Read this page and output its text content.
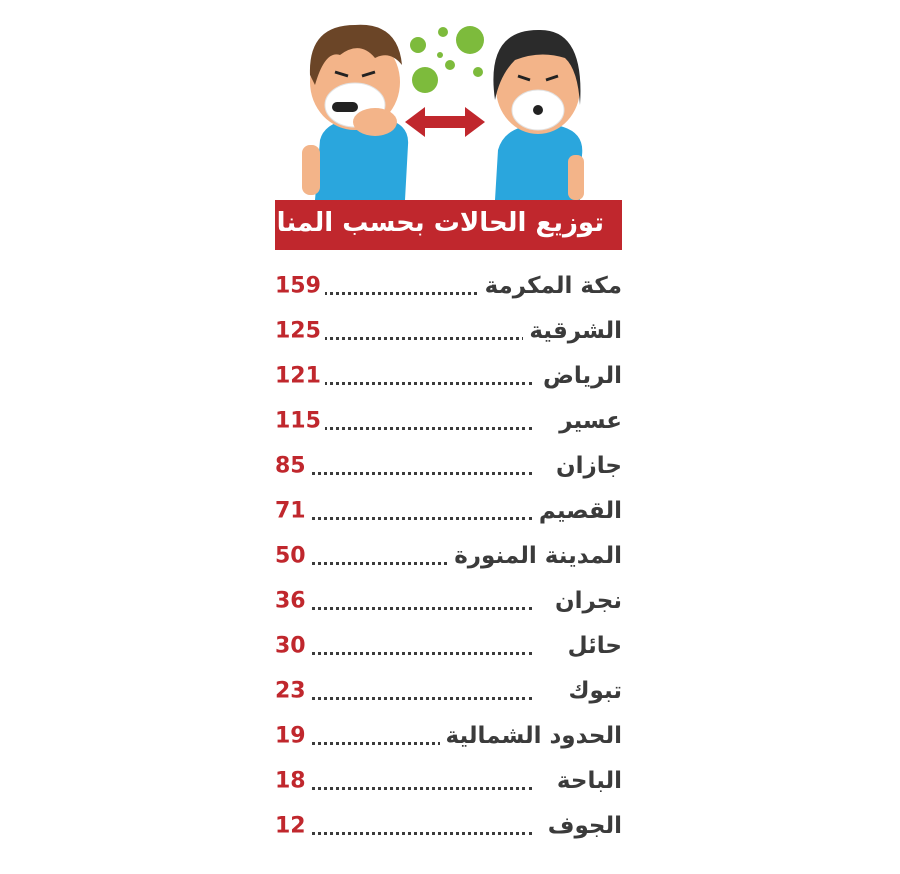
توزيع الحالات بحسب المناطق
159	مكة المكرمة
125	الشرقية
121	الرياض
115	عسير
85	جازان
71	القصيم
50	المدينة المنورة
36	نجران
30	حائل
23	تبوك
19	الحدود الشمالية
18	الباحة
12	الجوف
